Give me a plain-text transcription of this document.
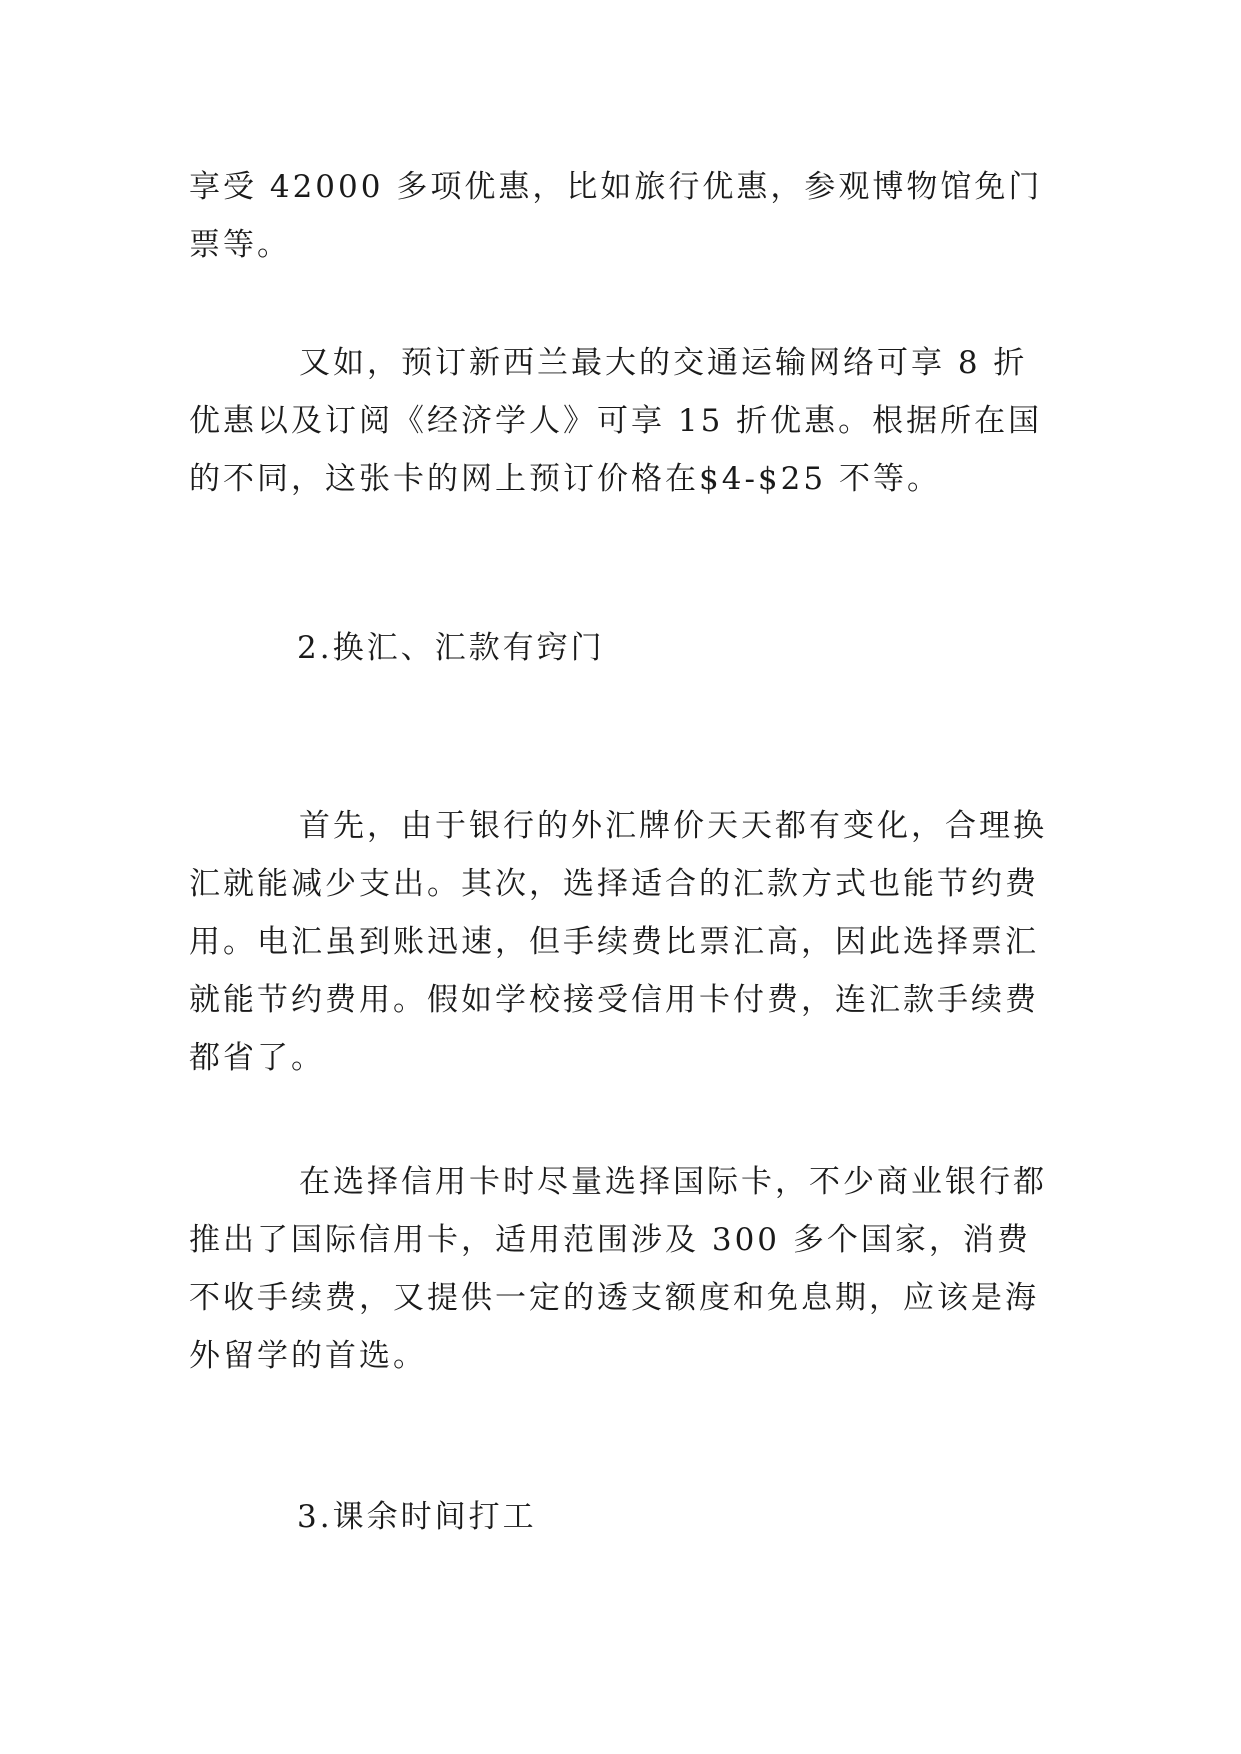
享受 42000 多项优惠，比如旅行优惠，参观博物馆免门票等。

又如，预订新西兰最大的交通运输网络可享 8 折优惠以及订阅《经济学人》可享 15 折优惠。根据所在国的不同，这张卡的网上预订价格在$4-$25 不等。

2.换汇、汇款有窍门

首先，由于银行的外汇牌价天天都有变化，合理换汇就能减少支出。其次，选择适合的汇款方式也能节约费用。电汇虽到账迅速，但手续费比票汇高，因此选择票汇就能节约费用。假如学校接受信用卡付费，连汇款手续费都省了。

在选择信用卡时尽量选择国际卡，不少商业银行都推出了国际信用卡，适用范围涉及 300 多个国家，消费不收手续费，又提供一定的透支额度和免息期，应该是海外留学的首选。

3.课余时间打工
